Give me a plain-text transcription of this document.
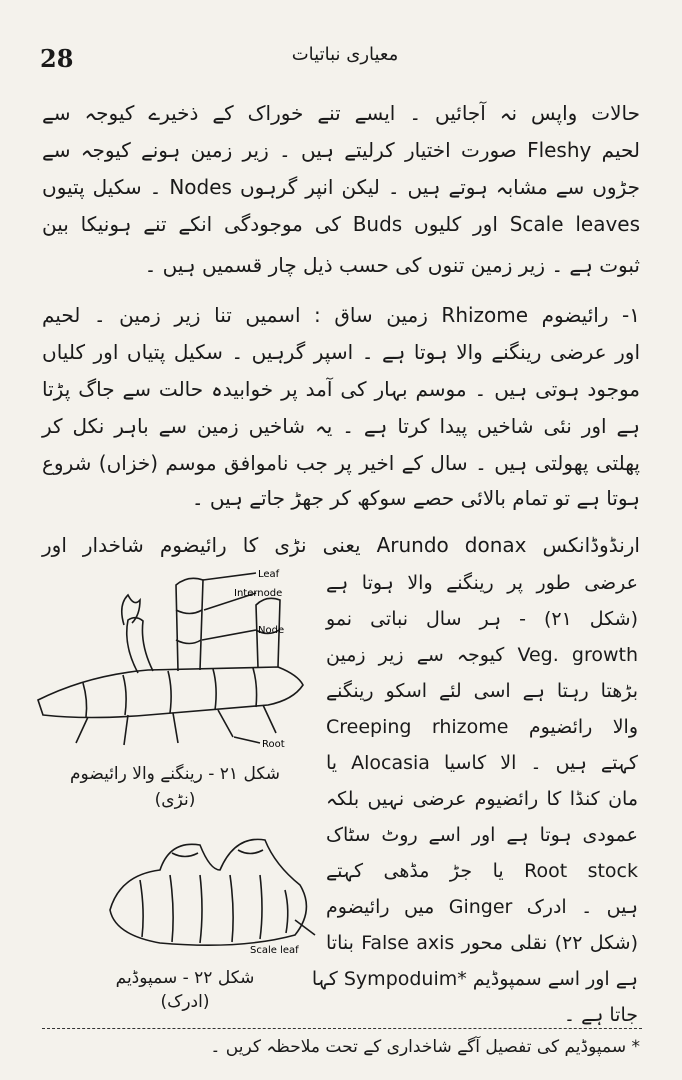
28	معیاری نباتیات
حالات واپس نہ آجائیں ۔ ایسے تنے خوراک کے ذخیرے کیوجہ سے
لحیم Fleshy صورت اختیار کرلیتے ہیں ۔ زیر زمین ہونے کیوجہ سے
جڑوں سے مشابہ ہوتے ہیں ۔ لیکن انپر گرہوں Nodes ۔ سکیل پتیوں
Scale leaves اور کلیوں Buds کی موجودگی انکے تنے ہونیکا بین
ثبوت ہے ۔ زیر زمین تنوں کی حسب ذیل چار قسمیں ہیں ۔
۱- رائیضوم Rhizome زمین ساق : اسمیں تنا زیر زمین ۔ لحیم
اور عرضی رینگنے والا ہوتا ہے ۔ اسپر گرہیں ۔ سکیل پتیاں اور کلیاں
موجود ہوتی ہیں ۔ موسم بہار کی آمد پر خوابیدہ حالت سے جاگ پڑتا
ہے اور نئی شاخیں پیدا کرتا ہے ۔ یہ شاخیں زمین سے باہر نکل کر
پھلتی پھولتی ہیں ۔ سال کے اخیر پر جب ناموافق موسم (خزاں) شروع
ہوتا ہے تو تمام بالائی حصے سوکھ کر جھڑ جاتے ہیں ۔
ارنڈوڈانکس Arundo donax یعنی نڑی کا رائیضوم شاخدار اور
عرضی طور پر رینگنے والا ہوتا ہے
(شکل ۲۱) - ہر سال نباتی نمو
Veg. growth کیوجہ سے زیر زمین
بڑھتا رہتا ہے اسی لئے اسکو رینگنے
والا رائضیوم Creeping rhizome
کہتے ہیں ۔ الا کاسیا Alocasia یا
مان کنڈا کا رائضیوم عرضی نہیں بلکہ
عمودی ہوتا ہے اور اسے روٹ سٹاک
Root stock یا جڑ مڈھی کہتے
ہیں ۔ ادرک Ginger میں رائیضوم
(شکل ۲۲) نقلی محور False axis بناتا
ہے اور اسے سمپوڈیم *Sympoduim کہا
جاتا ہے ۔
Leaf
Internode
Node
Root
شکل ۲۱ - رینگنے والا رائیضوم
(نڑی)
Scale leaf
شکل ۲۲ - سمپوڈیم
(ادرک)
* سمپوڈیم کی تفصیل آگے شاخداری کے تحت ملاحظہ کریں ۔
